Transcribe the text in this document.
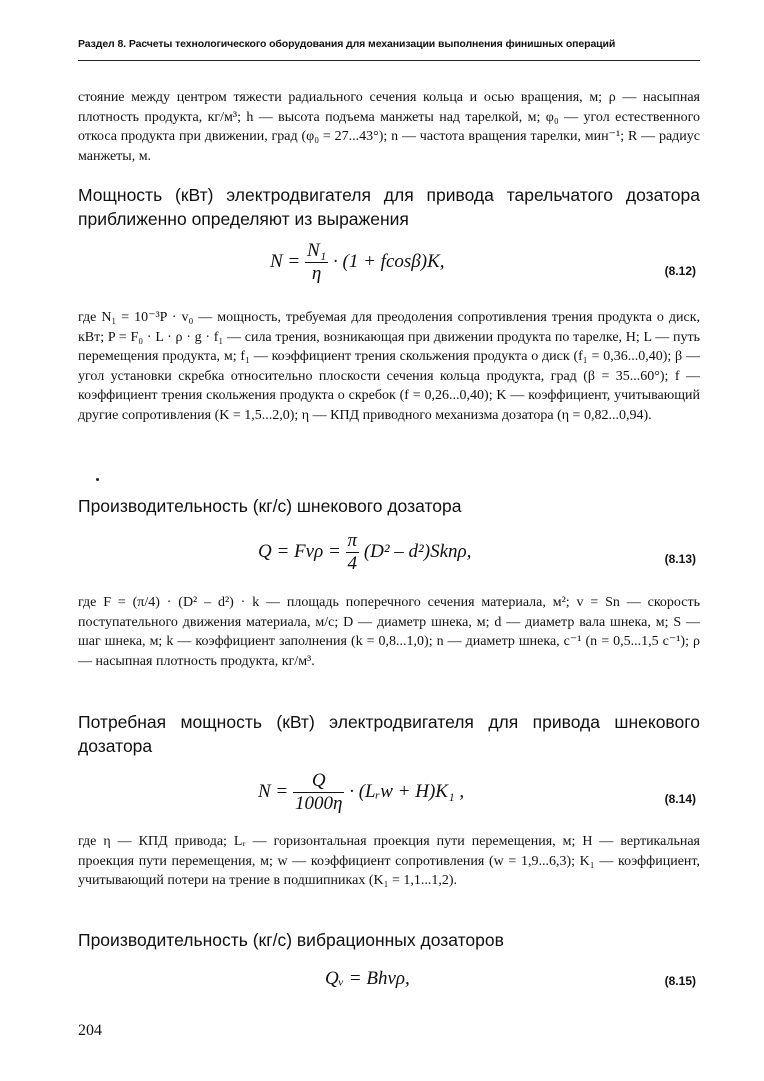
Раздел 8. Расчеты технологического оборудования для механизации выполнения финишных операций

стояние между центром тяжести радиального сечения кольца и осью вращения, м; ρ — насыпная плотность продукта, кг/м³; h — высота подъема манжеты над тарелкой, м; φ₀ — угол естественного откоса продукта при движении, град (φ₀ = 27...43°); n — частота вращения тарелки, мин⁻¹; R — радиус манжеты, м.

Мощность (кВт) электродвигателя для привода тарельчатого дозатора приближенно определяют из выражения

$N = \frac{\text{N₁}}{\eta} \cdot (1 + fcos\beta)K$,	(8.12)

где N₁ = 10⁻³P · v₀ — мощность, требуемая для преодоления сопротивления трения продукта о диск, кВт; P = F₀ · L · ρ · g · f₁ — сила трения, возникающая при движении продукта по тарелке, Н; L — путь перемещения продукта, м; f₁ — коэффициент трения скольжения продукта о диск (f₁ = 0,36...0,40); β — угол установки скребка относительно плоскости сечения кольца продукта, град (β = 35...60°); f — коэффициент трения скольжения продукта о скребок (f = 0,26...0,40); K — коэффициент, учитывающий другие сопротивления (K = 1,5...2,0); η — КПД приводного механизма дозатора (η = 0,82...0,94).

Производительность (кг/с) шнекового дозатора

$Q = Fv\rho = \frac{\pi}{4} (D^2 - d^2)Skn\rho$,	(8.13)

где F = (π/4) · (D² – d²) · k — площадь поперечного сечения материала, м²; v = Sn — скорость поступательного движения материала, м/с; D — диаметр шнека, м; d — диаметр вала шнека, м; S — шаг шнека, м; k — коэффициент заполнения (k = 0,8...1,0); n — диаметр шнека, с⁻¹ (n = 0,5...1,5 с⁻¹); ρ — насыпная плотность продукта, кг/м³.

Потребная мощность (кВт) электродвигателя для привода шнекового дозатора

$N = \frac{Q}{1000\eta}$ · (Lᵣw + H)K₁ ,	(8.14)

где η — КПД привода; Lᵣ — горизонтальная проекция пути перемещения, м; H — вертикальная проекция пути перемещения, м; w — коэффициент сопротивления (w = 1,9...6,3); K₁ — коэффициент, учитывающий потери на трение в подшипниках (K₁ = 1,1...1,2).

Производительность (кг/с) вибрационных дозаторов

Qᵥ = Bhvρ,	(8.15)
204
